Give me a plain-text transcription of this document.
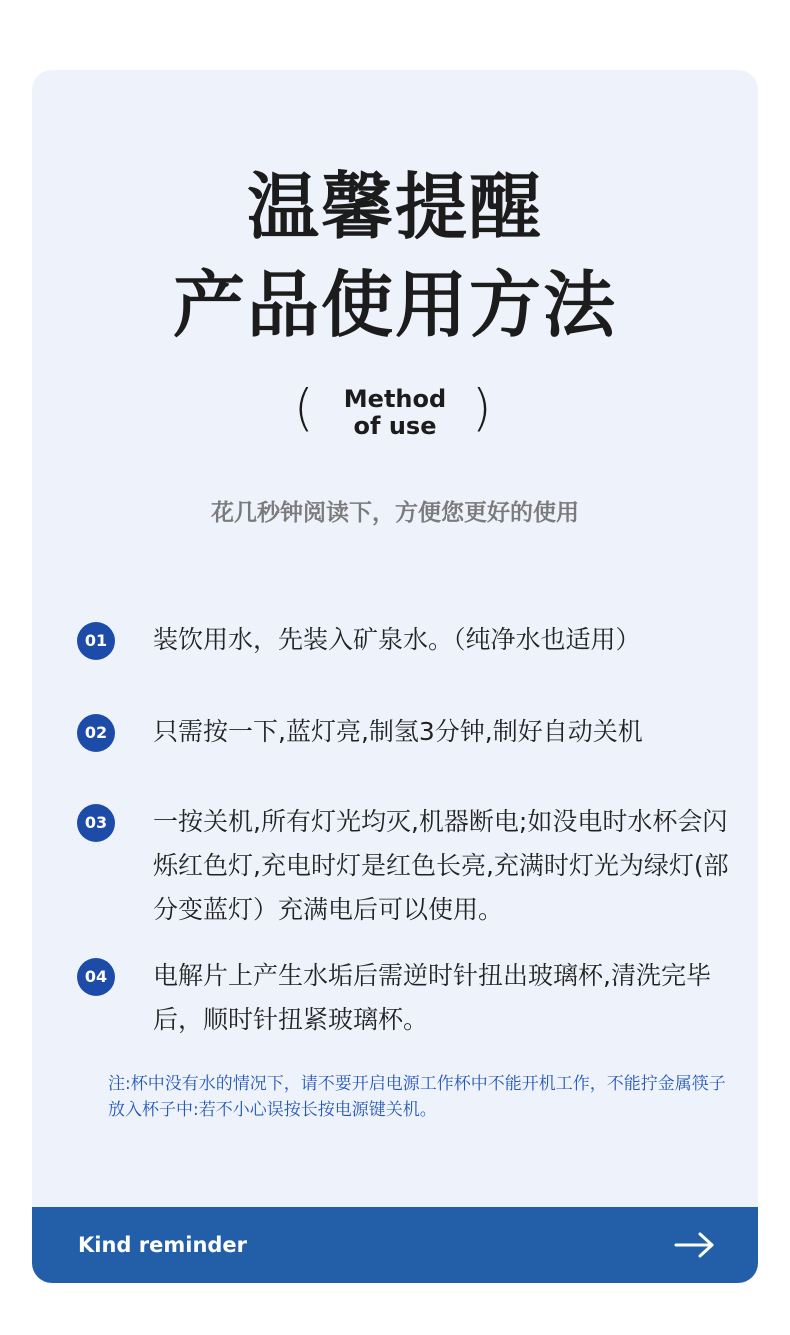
温馨提醒
产品使用方法
(	Method
of use )
花几秒钟阅读下，方便您更好的使用
01	装饮用水，先装入矿泉水。（纯净水也适用）
02	只需按一下,蓝灯亮,制氢3分钟,制好自动关机
03	一按关机,所有灯光均灭,机器断电;如没电时水杯会闪烁红色灯,充电时灯是红色长亮,充满时灯光为绿灯(部分变蓝灯）充满电后可以使用。
04	电解片上产生水垢后需逆时针扭出玻璃杯,清洗完毕后，顺时针扭紧玻璃杯。
注:杯中没有水的情况下，请不要开启电源工作杯中不能开机工作，不能拧金属筷子放入杯子中:若不小心误按长按电源键关机。
Kind reminder
